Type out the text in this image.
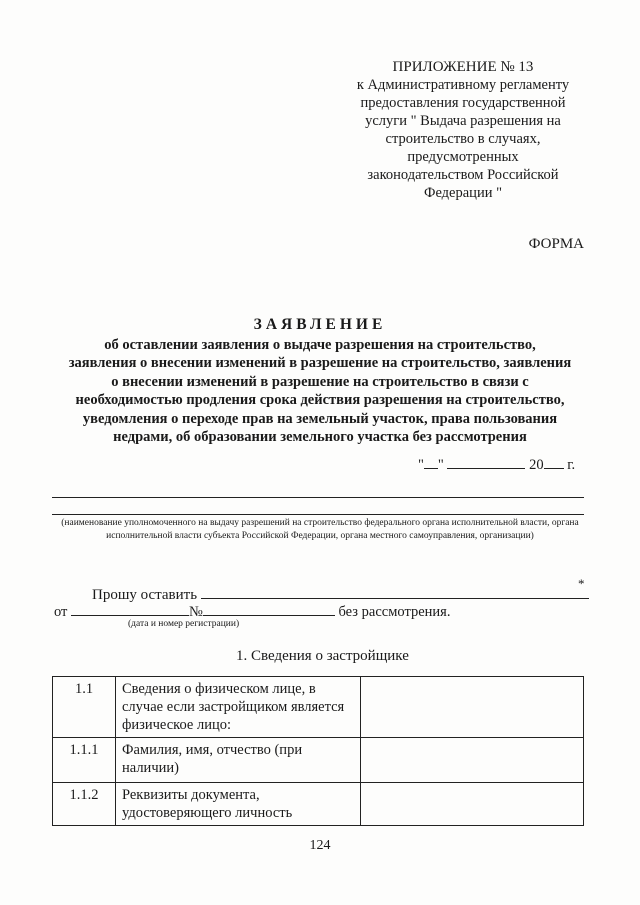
ПРИЛОЖЕНИЕ № 13
к Административному регламенту
предоставления государственной
услуги " Выдача разрешения на
строительство в случаях,
предусмотренных
законодательством Российской
Федерации "
ФОРМА
ЗАЯВЛЕНИЕ
об оставлении заявления о выдаче разрешения на строительство,
заявления о внесении изменений в разрешение на строительство, заявления
о внесении изменений в разрешение на строительство в связи с
необходимостью продления срока действия разрешения на строительство,
уведомления о переходе прав на земельный участок, права пользования
недрами, об образовании земельного участка без рассмотрения
" "	20 г.
(наименование уполномоченного на выдачу разрешений на строительство федерального органа исполнительной власти, органа исполнительной власти субъекта Российской Федерации, органа местного самоуправления, организации)
Прошу оставить
*
от	№	без рассмотрения.
(дата и номер регистрации)
1. Сведения о застройщике
1.1	Сведения о физическом лице, в случае если застройщиком является физическое лицо:	
1.1.1	Фамилия, имя, отчество (при наличии)	
1.1.2	Реквизиты документа, удостоверяющего личность	
124
